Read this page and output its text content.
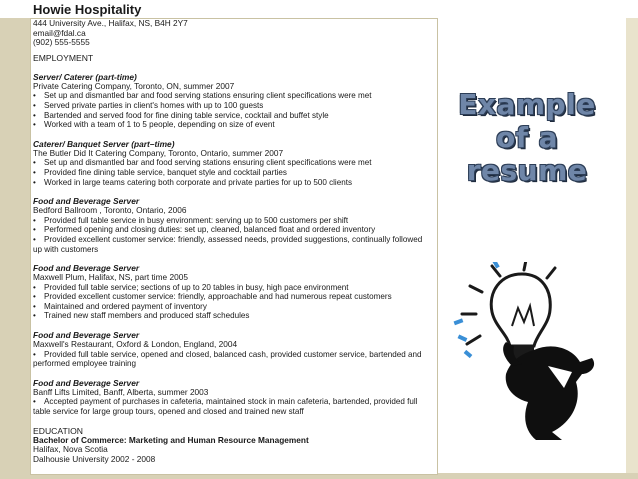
Howie Hospitality
444 University Ave., Halifax, NS, B4H 2Y7
email@fdal.ca
(902) 555-5555
EMPLOYMENT
Server/ Caterer (part-time)
Private Catering Company, Toronto, ON, summer 2007
• Set up and dismantled bar and food serving stations ensuring client specifications were met
• Served private parties in client's homes with up to 100 guests
• Bartended and served food for fine dining table service, cocktail and buffet style
• Worked with a team of 1 to 5 people, depending on size of event
Caterer/ Banquet Server (part–time)
The Butler Did It Catering Company, Toronto, Ontario, summer 2007
• Set up and dismantled bar and food serving stations ensuring client specifications were met
• Provided fine dining table service, banquet style and cocktail parties
• Worked in large teams catering both corporate and private parties for up to 500 clients
Food and Beverage Server
Bedford Ballroom , Toronto, Ontario, 2006
• Provided full table service in busy environment: serving up to 500 customers per shift
• Performed opening and closing duties: set up, cleaned, balanced float and ordered inventory
• Provided excellent customer service: friendly, assessed needs, provided suggestions, continually followed up with customers
Food and Beverage Server
Maxwell Plum, Halifax, NS, part time 2005
• Provided full table service; sections of up to 20 tables in busy, high pace environment
• Provided excellent customer service: friendly, approachable and had numerous repeat customers
• Maintained and ordered payment of inventory
• Trained new staff members and produced staff schedules
Food and Beverage Server
Maxwell's Restaurant, Oxford & London, England, 2004
• Provided full table service, opened and closed, balanced cash, provided customer service, bartended and performed employee training
Food and Beverage Server
Banff Lifts Limited, Banff, Alberta, summer 2003
• Accepted payment of purchases in cafeteria, maintained stock in main cafeteria, bartended, provided full table service for large group tours, opened and closed and trained new staff
EDUCATION
Bachelor of Commerce: Marketing and Human Resource Management
Halifax, Nova Scotia
Dalhousie University 2002 - 2008
Example
of a
resume
